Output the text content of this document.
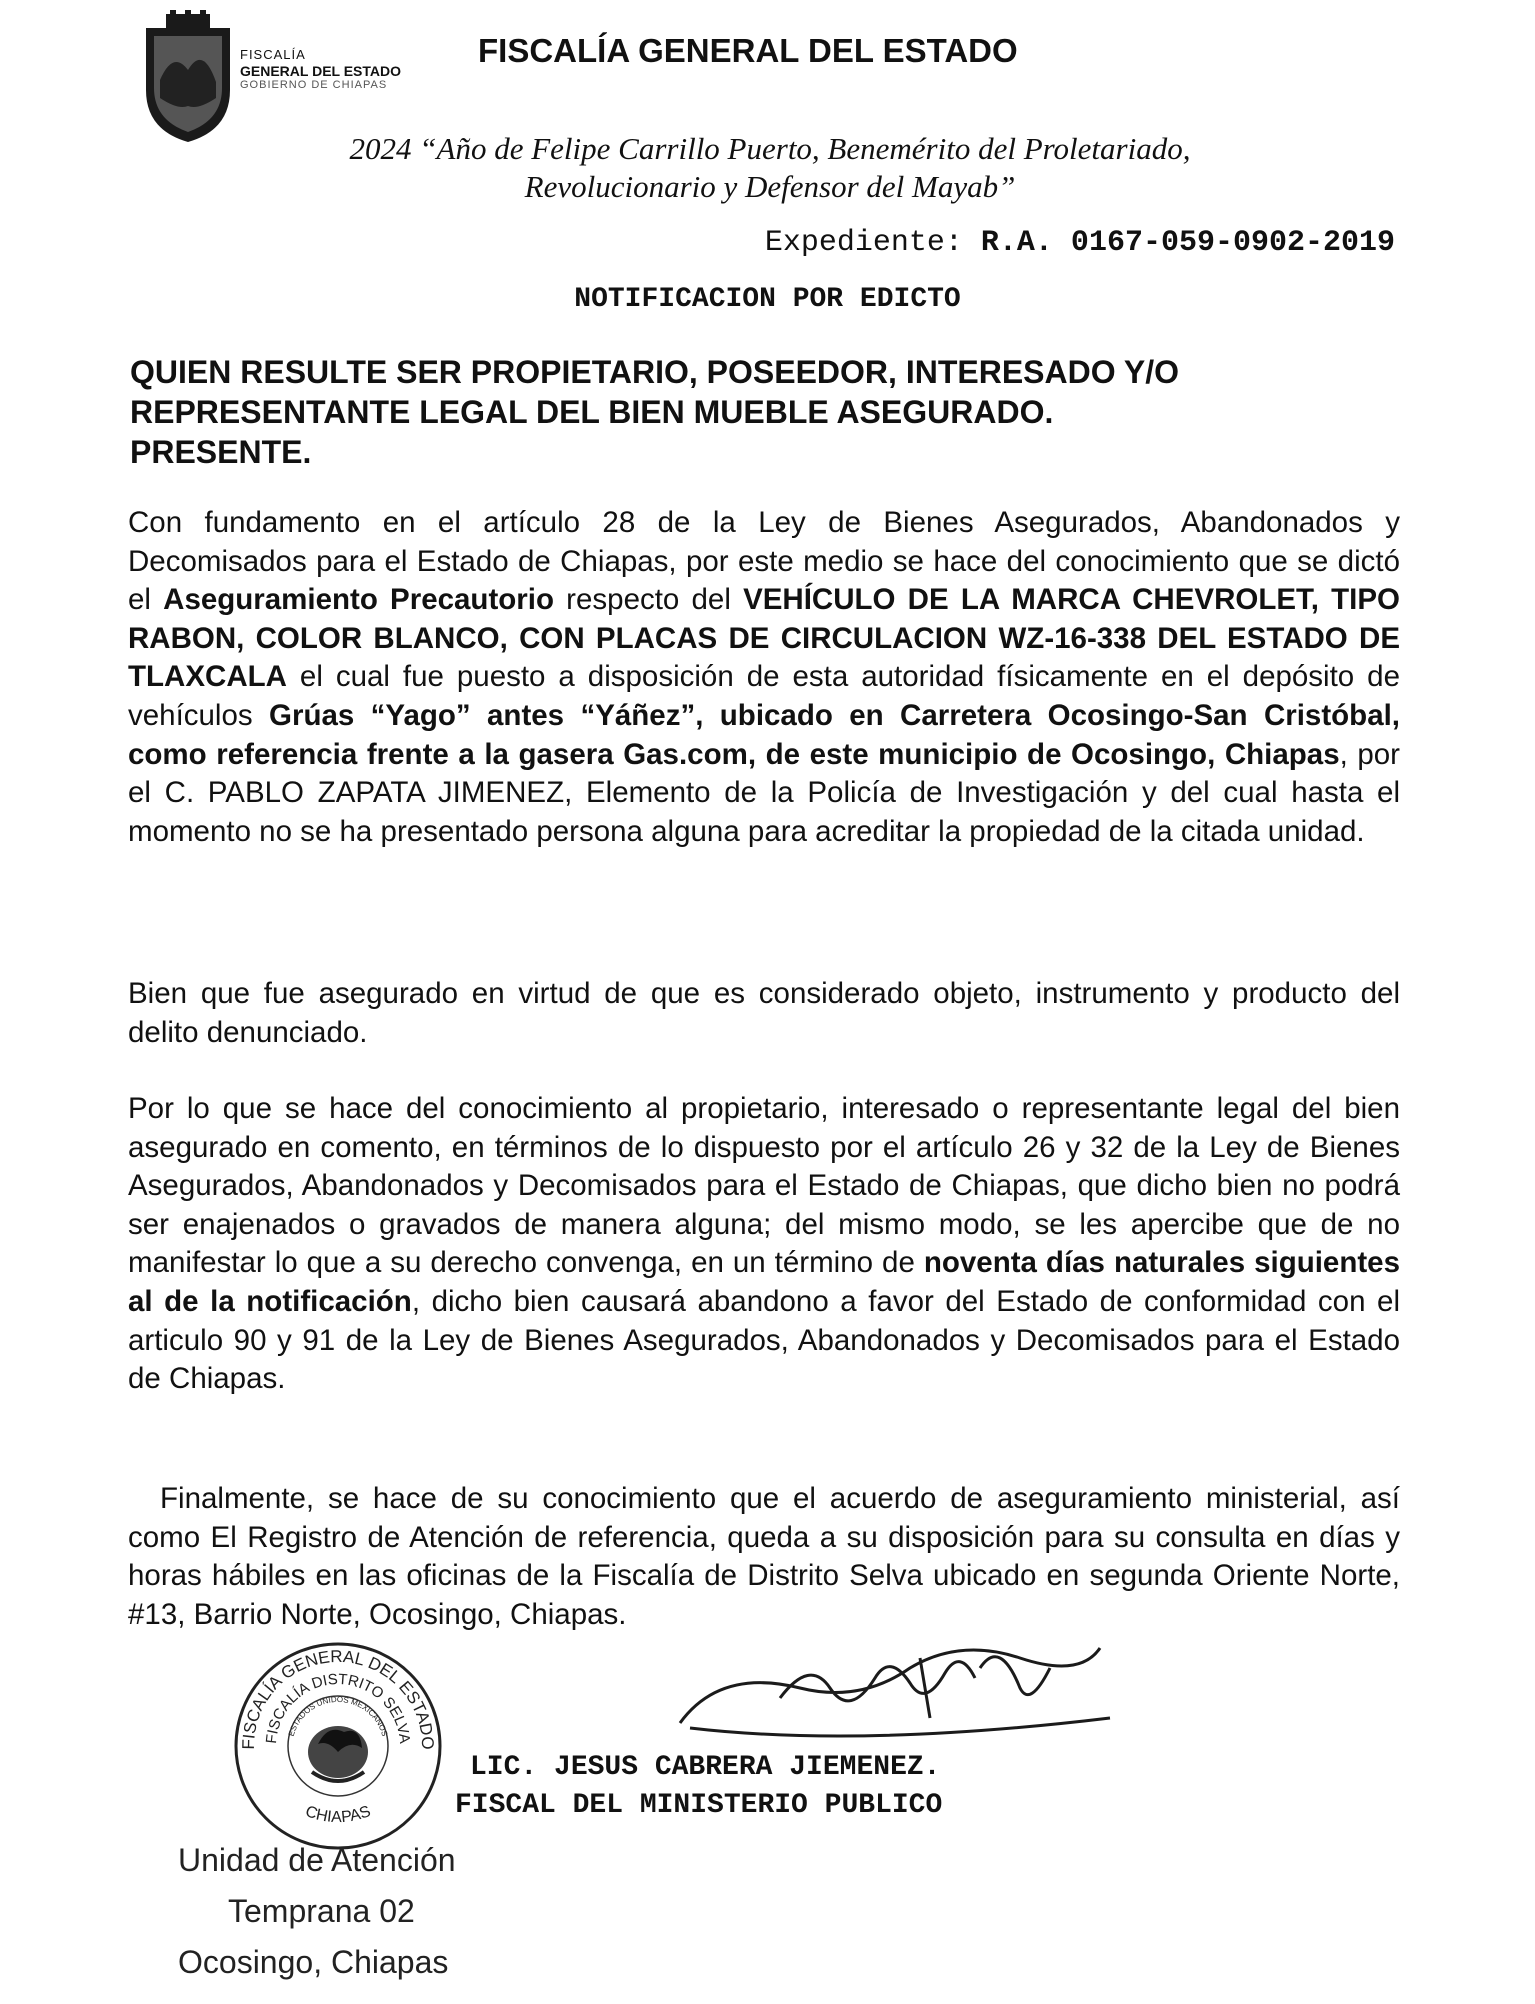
FISCALÍA
GENERAL DEL ESTADO
GOBIERNO DE CHIAPAS
FISCALÍA GENERAL DEL ESTADO
2024 “Año de Felipe Carrillo Puerto, Benemérito del Proletariado,
Revolucionario y Defensor del Mayab”
Expediente: R.A. 0167-059-0902-2019
NOTIFICACION POR EDICTO
QUIEN RESULTE SER PROPIETARIO, POSEEDOR, INTERESADO Y/O
REPRESENTANTE LEGAL DEL BIEN MUEBLE ASEGURADO.
PRESENTE.
Con fundamento en el artículo 28 de la Ley de Bienes Asegurados, Abandonados y Decomisados para el Estado de Chiapas, por este medio se hace del conocimiento que se dictó el Aseguramiento Precautorio respecto del VEHÍCULO DE LA MARCA CHEVROLET, TIPO RABON, COLOR BLANCO, CON PLACAS DE CIRCULACION WZ-16-338 DEL ESTADO DE TLAXCALA el cual fue puesto a disposición de esta autoridad físicamente en el depósito de vehículos Grúas “Yago” antes “Yáñez”, ubicado en Carretera Ocosingo-San Cristóbal, como referencia frente a la gasera Gas.com, de este municipio de Ocosingo, Chiapas, por el C. PABLO ZAPATA JIMENEZ, Elemento de la Policía de Investigación y del cual hasta el momento no se ha presentado persona alguna para acreditar la propiedad de la citada unidad.
Bien que fue asegurado en virtud de que es considerado objeto, instrumento y producto del delito denunciado.
Por lo que se hace del conocimiento al propietario, interesado o representante legal del bien asegurado en comento, en términos de lo dispuesto por el artículo 26 y 32 de la Ley de Bienes Asegurados, Abandonados y Decomisados para el Estado de Chiapas, que dicho bien no podrá ser enajenados o gravados de manera alguna; del mismo modo, se les apercibe que de no manifestar lo que a su derecho convenga, en un término de noventa días naturales siguientes al de la notificación, dicho bien causará abandono a favor del Estado de conformidad con el articulo 90 y 91 de la Ley de Bienes Asegurados, Abandonados y Decomisados para el Estado de Chiapas.
Finalmente, se hace de su conocimiento que el acuerdo de aseguramiento ministerial, así como El Registro de Atención de referencia, queda a su disposición para su consulta en días y horas hábiles en las oficinas de la Fiscalía de Distrito Selva ubicado en segunda Oriente Norte, #13, Barrio Norte, Ocosingo, Chiapas.
FISCALÍA GENERAL DEL ESTADO
FISCALÍA DISTRITO SELVA
ESTADOS UNIDOS MEXICANOS
CHIAPAS
LIC. JESUS CABRERA JIEMENEZ.
FISCAL DEL MINISTERIO PUBLICO
Unidad de Atención
Temprana 02
Ocosingo, Chiapas
